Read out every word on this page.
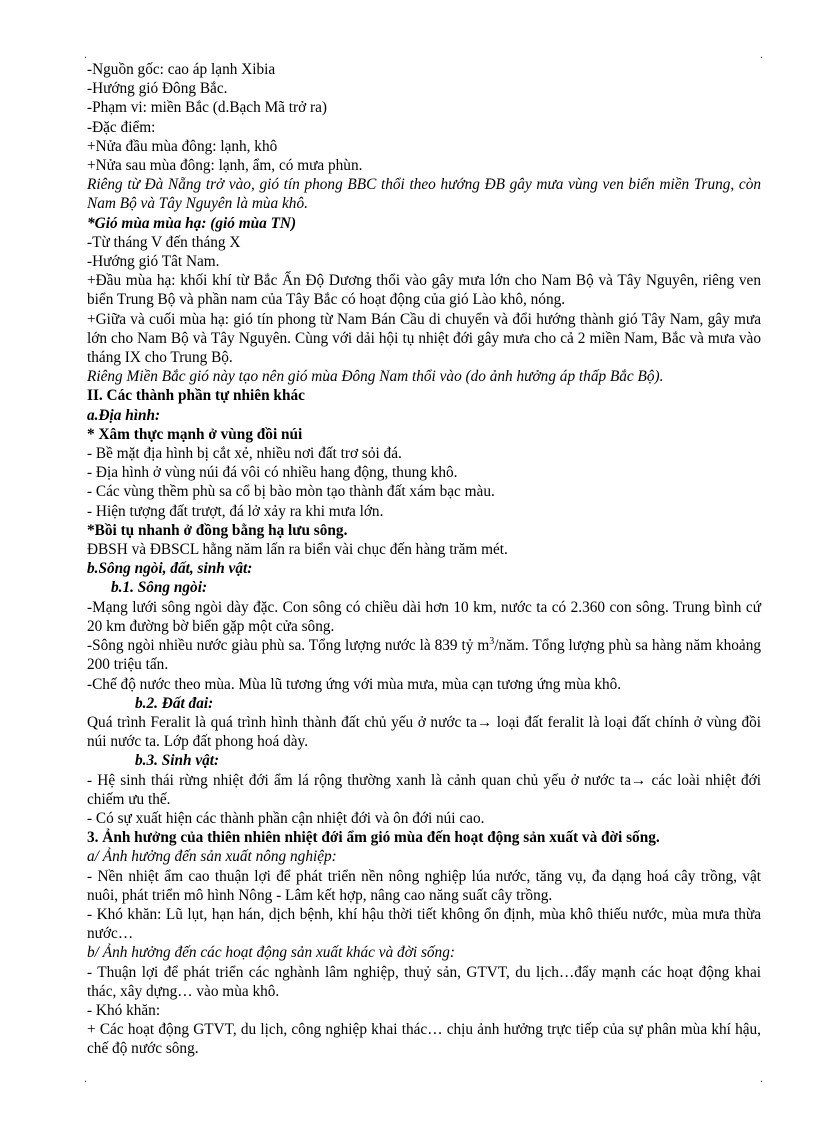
.	.
.	.

-Nguồn gốc: cao áp lạnh Xibia

-Hướng gió Đông Bắc.

-Phạm vi: miền Bắc (d.Bạch Mã trở ra)

-Đặc điểm:

+Nửa đầu mùa đông: lạnh, khô

+Nửa sau mùa đông: lạnh, ẩm, có mưa phùn.

Riêng từ Đà Nẵng trở vào, gió tín phong BBC thổi theo hướng ĐB gây mưa vùng ven biển miền Trung, còn Nam Bộ và Tây Nguyên là mùa khô.

*Gió mùa mùa hạ: (gió mùa TN)

-Từ tháng V đến tháng X

-Hướng gió Tât Nam.

+Đầu mùa hạ: khối khí từ Bắc Ấn Độ Dương thổi vào gây mưa lớn cho Nam Bộ và Tây Nguyên, riêng ven biển Trung Bộ và phần nam của Tây Bắc có hoạt động của gió Lào khô, nóng.

+Giữa và cuối mùa hạ: gió tín phong từ Nam Bán Cầu di chuyển và đổi hướng thành gió Tây Nam, gây mưa lớn cho Nam Bộ và Tây Nguyên. Cùng với dải hội tụ nhiệt đới gây mưa cho cả 2 miền Nam, Bắc và mưa vào tháng IX cho Trung Bộ.

Riêng Miền Bắc gió này tạo nên gió mùa Đông Nam thổi vào (do ảnh hưởng áp thấp Bắc Bộ).

II. Các thành phần tự nhiên khác

a.Địa hình:

* Xâm thực mạnh ở vùng đồi núi

- Bề mặt địa hình bị cắt xẻ, nhiều nơi đất trơ sỏi đá.

- Địa hình ở vùng núi đá vôi có nhiều hang động, thung khô.

- Các vùng thềm phù sa cổ bị bào mòn tạo thành đất xám bạc màu.

- Hiện tượng đất trượt, đá lở xảy ra khi mưa lớn.

*Bồi tụ nhanh ở đồng bằng hạ lưu sông.

ĐBSH và ĐBSCL hằng năm lấn ra biển vài chục đến hàng trăm mét.

b.Sông ngòi, đất, sinh vật:

b.1. Sông ngòi:

-Mạng lưới sông ngòi dày đặc. Con sông có chiều dài hơn 10 km, nước ta có 2.360 con sông. Trung bình cứ 20 km đường bờ biển gặp một cửa sông.

-Sông ngòi nhiều nước giàu phù sa. Tổng lượng nước là 839 tỷ $m^3$/năm. Tổng lượng phù sa hàng năm khoảng 200 triệu tấn.

-Chế độ nước theo mùa. Mùa lũ tương ứng với mùa mưa, mùa cạn tương ứng mùa khô.

b.2. Đất đai:

Quá trình Feralit là quá trình hình thành đất chủ yếu ở nước ta→ loại đất feralit là loại đất chính ở vùng đồi núi nước ta. Lớp đất phong hoá dày.

b.3. Sinh vật:

- Hệ sinh thái rừng nhiệt đới ẩm lá rộng thường xanh là cảnh quan chủ yếu ở nước ta→ các loài nhiệt đới chiếm ưu thế.

- Có sự xuất hiện các thành phần cận nhiệt đới và ôn đới núi cao.

3. Ảnh hưởng của thiên nhiên nhiệt đới ẩm gió mùa đến hoạt động sản xuất và đời sống.

a/ Ảnh hưởng đến sản xuất nông nghiệp:

- Nền nhiệt ẩm cao thuận lợi để phát triển nền nông nghiệp lúa nước, tăng vụ, đa dạng hoá cây trồng, vật nuôi, phát triển mô hình Nông - Lâm kết hợp, nâng cao năng suất cây trồng.

- Khó khăn: Lũ lụt, hạn hán, dịch bệnh, khí hậu thời tiết không ổn định, mùa khô thiếu nước, mùa mưa thừa nước…

b/ Ảnh hưởng đến các hoạt động sản xuất khác và đời sống:

- Thuận lợi để phát triển các nghành lâm nghiệp, thuỷ sản, GTVT, du lịch…đẩy mạnh các hoạt động khai thác, xây dựng… vào mùa khô.

- Khó khăn:

+ Các hoạt động GTVT, du lịch, công nghiệp khai thác… chịu ảnh hưởng trực tiếp của sự phân mùa khí hậu, chế độ nước sông.
